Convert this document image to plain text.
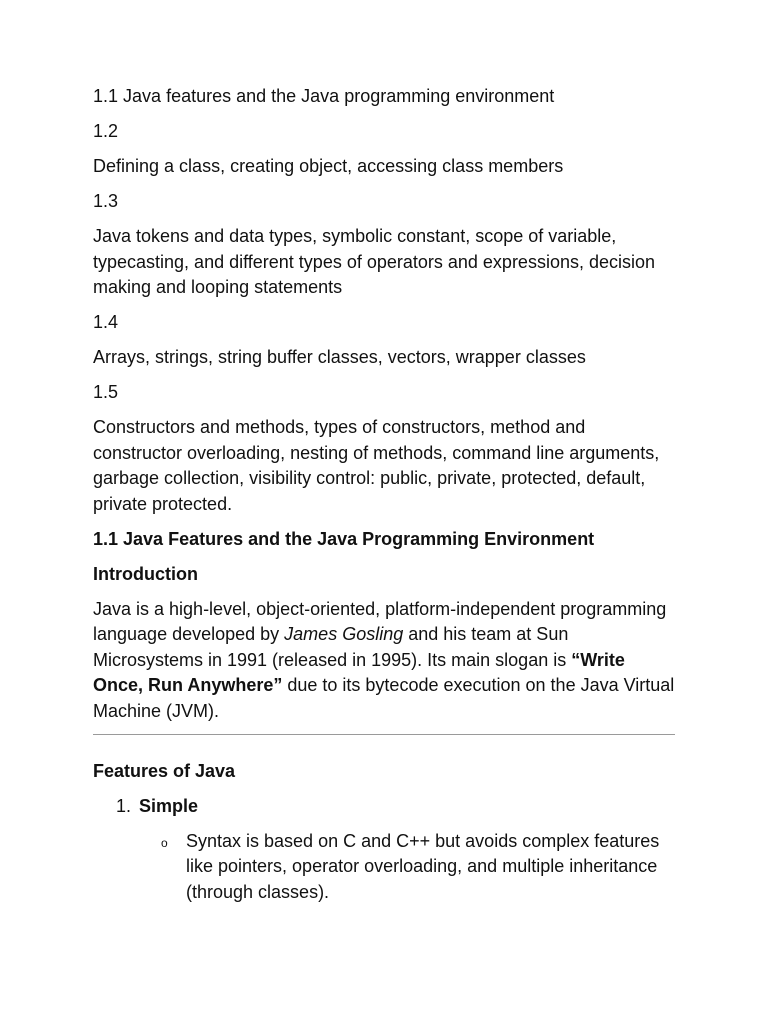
1.1 Java features and the Java programming environment

1.2

Defining a class, creating object, accessing class members

1.3

Java tokens and data types, symbolic constant, scope of variable, typecasting, and different types of operators and expressions, decision making and looping statements

1.4

Arrays, strings, string buffer classes, vectors, wrapper classes

1.5

Constructors and methods, types of constructors, method and constructor overloading, nesting of methods, command line arguments, garbage collection, visibility control: public, private, protected, default, private protected.

1.1 Java Features and the Java Programming Environment

Introduction

Java is a high-level, object-oriented, platform-independent programming language developed by James Gosling and his team at Sun Microsystems in 1991 (released in 1995). Its main slogan is “Write Once, Run Anywhere” due to its bytecode execution on the Java Virtual Machine (JVM).

Features of Java

1. Simple
o	Syntax is based on C and C++ but avoids complex features like pointers, operator overloading, and multiple inheritance (through classes).
